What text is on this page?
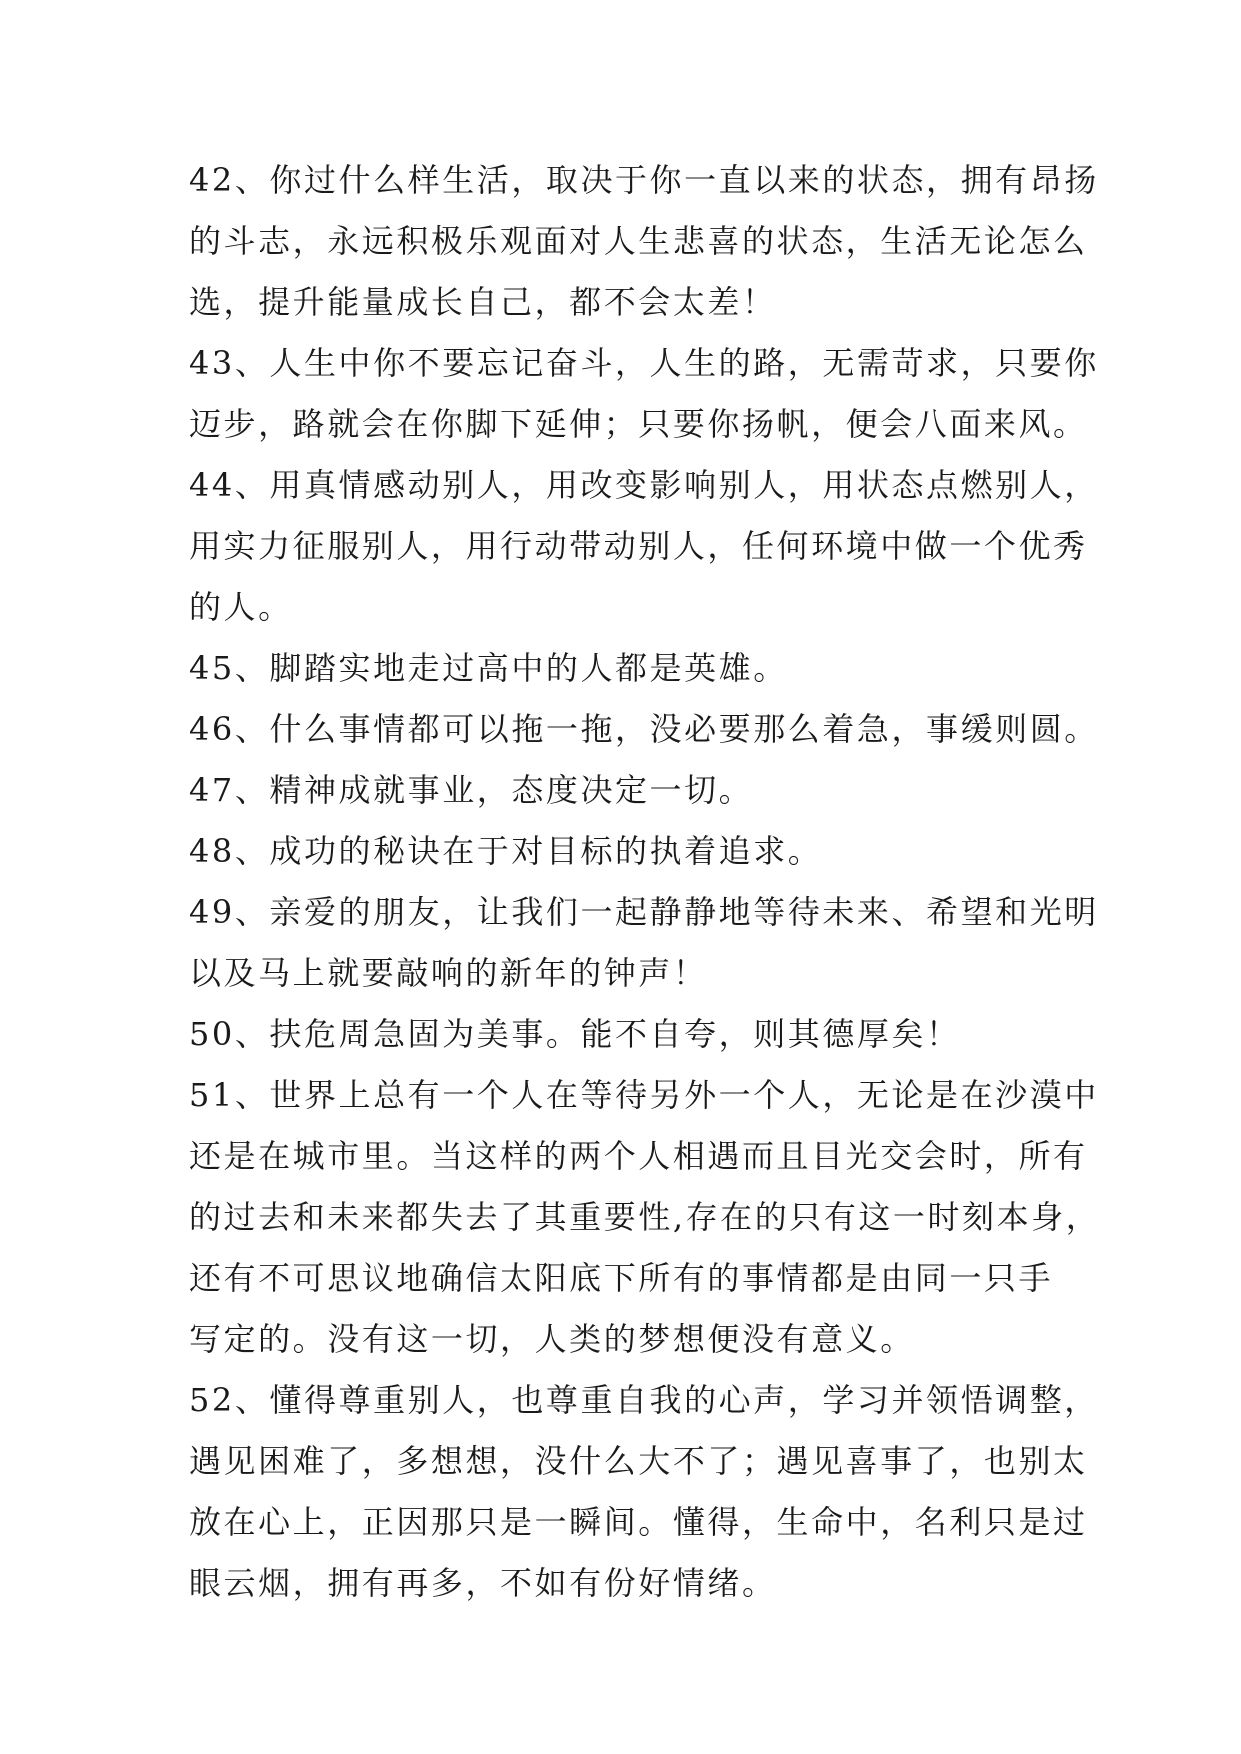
42、你过什么样生活，取决于你一直以来的状态，拥有昂扬
的斗志，永远积极乐观面对人生悲喜的状态，生活无论怎么
选，提升能量成长自己，都不会太差！
43、人生中你不要忘记奋斗，人生的路，无需苛求，只要你
迈步，路就会在你脚下延伸；只要你扬帆，便会八面来风。
44、用真情感动别人，用改变影响别人，用状态点燃别人，
用实力征服别人，用行动带动别人，任何环境中做一个优秀
的人。
45、脚踏实地走过高中的人都是英雄。
46、什么事情都可以拖一拖，没必要那么着急，事缓则圆。
47、精神成就事业，态度决定一切。
48、成功的秘诀在于对目标的执着追求。
49、亲爱的朋友，让我们一起静静地等待未来、希望和光明
以及马上就要敲响的新年的钟声！
50、扶危周急固为美事。能不自夸，则其德厚矣！
51、世界上总有一个人在等待另外一个人，无论是在沙漠中
还是在城市里。当这样的两个人相遇而且目光交会时，所有
的过去和未来都失去了其重要性,存在的只有这一时刻本身，
还有不可思议地确信太阳底下所有的事情都是由同一只手
写定的。没有这一切，人类的梦想便没有意义。
52、懂得尊重别人，也尊重自我的心声，学习并领悟调整，
遇见困难了，多想想，没什么大不了；遇见喜事了，也别太
放在心上，正因那只是一瞬间。懂得，生命中，名利只是过
眼云烟，拥有再多，不如有份好情绪。
